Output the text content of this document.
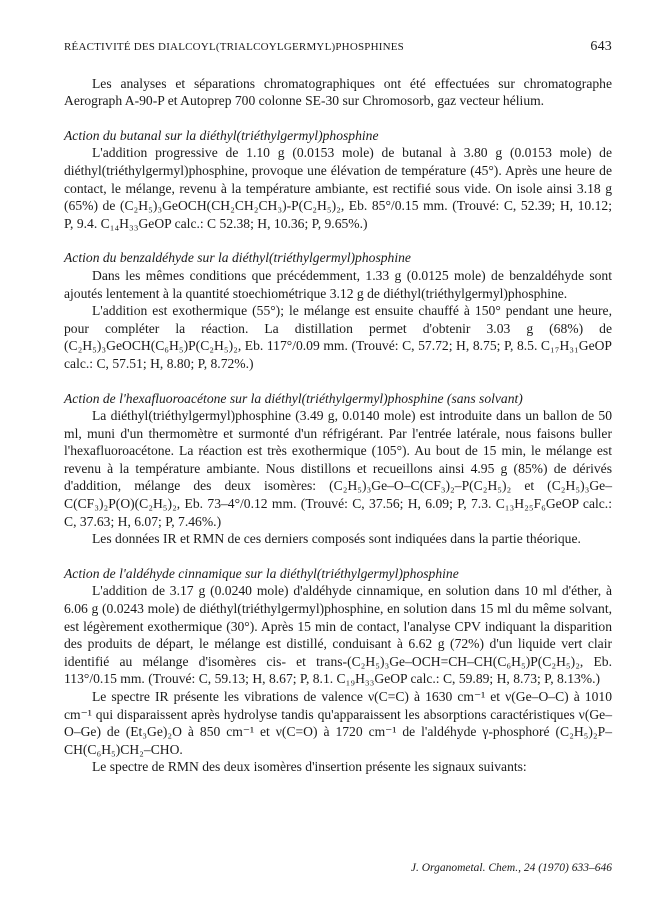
RÉACTIVITÉ DES DIALCOYL(TRIALCOYLGERMYL)PHOSPHINES	643

Les analyses et séparations chromatographiques ont été effectuées sur chromatographe Aerograph A-90-P et Autoprep 700 colonne SE-30 sur Chromosorb, gaz vecteur hélium.

Action du butanal sur la diéthyl(triéthylgermyl)phosphine

L'addition progressive de 1.10 g (0.0153 mole) de butanal à 3.80 g (0.0153 mole) de diéthyl(triéthylgermyl)phosphine, provoque une élévation de température (45°). Après une heure de contact, le mélange, revenu à la température ambiante, est rectifié sous vide. On isole ainsi 3.18 g (65%) de (C₂H₅)₃GeOCH(CH₂CH₂CH₃)-P(C₂H₅)₂, Eb. 85°/0.15 mm. (Trouvé: C, 52.39; H, 10.12; P, 9.4. C₁₄H₃₃GeOP calc.: C 52.38; H, 10.36; P, 9.65%.)

Action du benzaldéhyde sur la diéthyl(triéthylgermyl)phosphine

Dans les mêmes conditions que précédemment, 1.33 g (0.0125 mole) de benzaldéhyde sont ajoutés lentement à la quantité stoechiométrique 3.12 g de diéthyl(triéthylgermyl)phosphine.

L'addition est exothermique (55°); le mélange est ensuite chauffé à 150° pendant une heure, pour compléter la réaction. La distillation permet d'obtenir 3.03 g (68%) de (C₂H₅)₃GeOCH(C₆H₅)P(C₂H₅)₂, Eb. 117°/0.09 mm. (Trouvé: C, 57.72; H, 8.75; P, 8.5. C₁₇H₃₁GeOP calc.: C, 57.51; H, 8.80; P, 8.72%.)

Action de l'hexafluoroacétone sur la diéthyl(triéthylgermyl)phosphine (sans solvant)

La diéthyl(triéthylgermyl)phosphine (3.49 g, 0.0140 mole) est introduite dans un ballon de 50 ml, muni d'un thermomètre et surmonté d'un réfrigérant. Par l'entrée latérale, nous faisons buller l'hexafluoroacétone. La réaction est très exothermique (105°). Au bout de 15 min, le mélange est revenu à la température ambiante. Nous distillons et recueillons ainsi 4.95 g (85%) de dérivés d'addition, mélange des deux isomères: (C₂H₅)₃Ge–O–C(CF₃)₂–P(C₂H₅)₂ et (C₂H₅)₃Ge–C(CF₃)₂P(O)(C₂H₅)₂, Eb. 73–4°/0.12 mm. (Trouvé: C, 37.56; H, 6.09; P, 7.3. C₁₃H₂₅F₆GeOP calc.: C, 37.63; H, 6.07; P, 7.46%.)

Les données IR et RMN de ces derniers composés sont indiquées dans la partie théorique.

Action de l'aldéhyde cinnamique sur la diéthyl(triéthylgermyl)phosphine

L'addition de 3.17 g (0.0240 mole) d'aldéhyde cinnamique, en solution dans 10 ml d'éther, à 6.06 g (0.0243 mole) de diéthyl(triéthylgermyl)phosphine, en solution dans 15 ml du même solvant, est légèrement exothermique (30°). Après 15 min de contact, l'analyse CPV indiquant la disparition des produits de départ, le mélange est distillé, conduisant à 6.62 g (72%) d'un liquide vert clair identifié au mélange d'isomères cis- et trans-(C₂H₅)₃Ge–OCH=CH–CH(C₆H₅)P(C₂H₅)₂, Eb. 113°/0.15 mm. (Trouvé: C, 59.13; H, 8.67; P, 8.1. C₁₉H₃₃GeOP calc.: C, 59.89; H, 8.73; P, 8.13%.)

Le spectre IR présente les vibrations de valence ν(C=C) à 1630 cm⁻¹ et ν(Ge–O–C) à 1010 cm⁻¹ qui disparaissent après hydrolyse tandis qu'apparaissent les absorptions caractéristiques ν(Ge–O–Ge) de (Et₃Ge)₂O à 850 cm⁻¹ et ν(C=O) à 1720 cm⁻¹ de l'aldéhyde γ-phosphoré (C₂H₅)₂P–CH(C₆H₅)CH₂–CHO.

Le spectre de RMN des deux isomères d'insertion présente les signaux suivants:

J. Organometal. Chem., 24 (1970) 633–646
